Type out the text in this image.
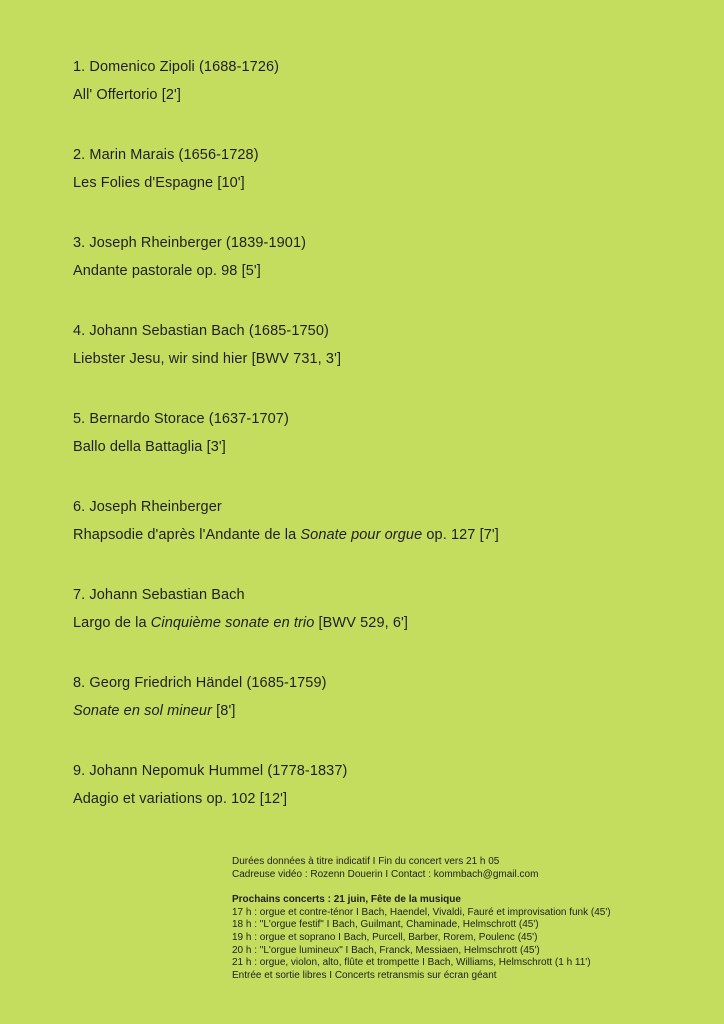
1. Domenico Zipoli (1688-1726)

All' Offertorio [2']

2. Marin Marais (1656-1728)

Les Folies d'Espagne [10']

3. Joseph Rheinberger (1839-1901)

Andante pastorale op. 98 [5']

4. Johann Sebastian Bach (1685-1750)

Liebster Jesu, wir sind hier [BWV 731, 3']

5. Bernardo Storace (1637-1707)

Ballo della Battaglia [3']

6. Joseph Rheinberger

Rhapsodie d'après l'Andante de la Sonate pour orgue op. 127 [7']

7. Johann Sebastian Bach

Largo de la Cinquième sonate en trio [BWV 529, 6']

8. Georg Friedrich Händel (1685-1759)

Sonate en sol mineur [8']

9. Johann Nepomuk Hummel (1778-1837)

Adagio et variations op. 102 [12']

Durées données à titre indicatif I Fin du concert vers 21 h 05

Cadreuse vidéo : Rozenn Douerin I Contact : kommbach@gmail.com

Prochains concerts : 21 juin, Fête de la musique

17 h : orgue et contre-ténor I Bach, Haendel, Vivaldi, Fauré et improvisation funk (45')

18 h : "L'orgue festif" I Bach, Guilmant, Chaminade, Helmschrott (45')

19 h : orgue et soprano I Bach, Purcell, Barber, Rorem, Poulenc (45')

20 h : "L'orgue lumineux" I Bach, Franck, Messiaen, Helmschrott (45')

21 h : orgue, violon, alto, flûte et trompette I Bach, Williams, Helmschrott (1 h 11')

Entrée et sortie libres I Concerts retransmis sur écran géant
